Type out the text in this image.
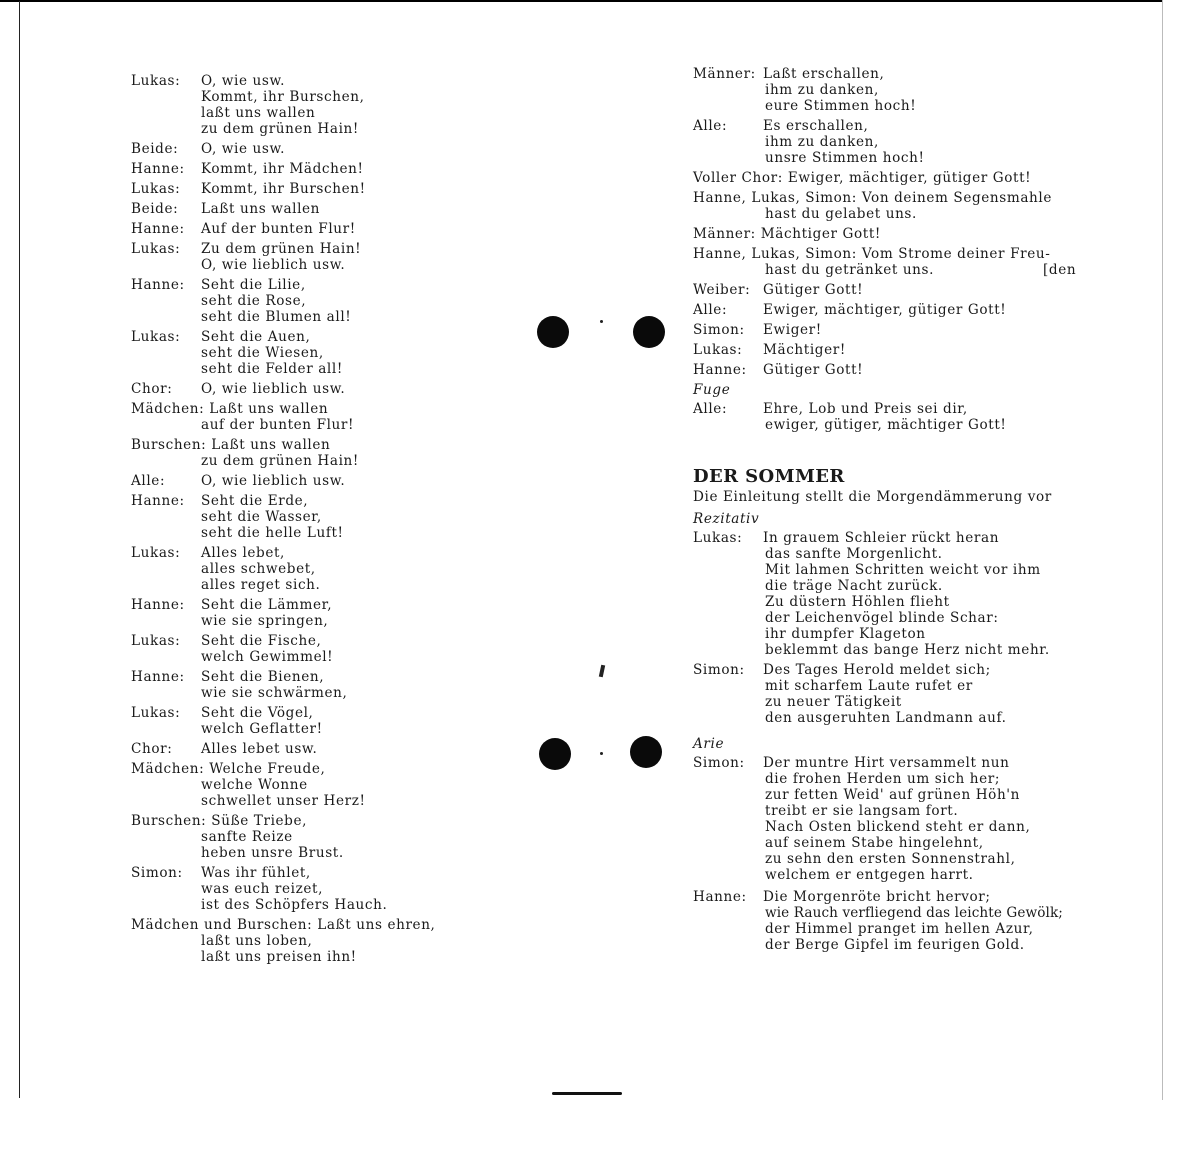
Lukas: O, wie usw.
Kommt, ihr Burschen,
laßt uns wallen
zu dem grünen Hain!
Beide: O, wie usw.
Hanne: Kommt, ihr Mädchen!
Lukas: Kommt, ihr Burschen!
Beide: Laßt uns wallen
Hanne: Auf der bunten Flur!
Lukas: Zu dem grünen Hain!
O, wie lieblich usw.
Hanne: Seht die Lilie,
seht die Rose,
seht die Blumen all!
Lukas: Seht die Auen,
seht die Wiesen,
seht die Felder all!
Chor: O, wie lieblich usw.
Mädchen: Laßt uns wallen
auf der bunten Flur!
Burschen: Laßt uns wallen
zu dem grünen Hain!
Alle:	O, wie lieblich usw.
Hanne: Seht die Erde,
seht die Wasser,
seht die helle Luft!
Lukas: Alles lebet,
alles schwebet,
alles reget sich.
Hanne: Seht die Lämmer,
wie sie springen,
Lukas: Seht die Fische,
welch Gewimmel!
Hanne: Seht die Bienen,
wie sie schwärmen,
Lukas: Seht die Vögel,
welch Geflatter!
Chor: Alles lebet usw.
Mädchen: Welche Freude,
welche Wonne
schwellet unser Herz!
Burschen: Süße Triebe,
sanfte Reize
heben unsre Brust.
Simon: Was ihr fühlet,
was euch reizet,
ist des Schöpfers Hauch.
Mädchen und Burschen: Laßt uns ehren,
laßt uns loben,
laßt uns preisen ihn!
Männer: Laßt erschallen,
ihm zu danken,
eure Stimmen hoch!
Alle:	Es erschallen,
ihm zu danken,
unsre Stimmen hoch!
Voller Chor: Ewiger, mächtiger, gütiger Gott!
Hanne, Lukas, Simon: Von deinem Segensmahle
hast du gelabet uns.
Männer: Mächtiger Gott!
Hanne, Lukas, Simon: Vom Strome deiner Freu-
hast du getränket uns.	[den
Weiber: Gütiger Gott!
Alle:	Ewiger, mächtiger, gütiger Gott!
Simon: Ewiger!
Lukas: Mächtiger!
Hanne: Gütiger Gott!
Fuge
Alle:	Ehre, Lob und Preis sei dir,
ewiger, gütiger, mächtiger Gott!
DER SOMMER
Die Einleitung stellt die Morgendämmerung vor
Rezitativ
Lukas: In grauem Schleier rückt heran
das sanfte Morgenlicht.
Mit lahmen Schritten weicht vor ihm
die träge Nacht zurück.
Zu düstern Höhlen flieht
der Leichenvögel blinde Schar:
ihr dumpfer Klageton
beklemmt das bange Herz nicht mehr.
Simon: Des Tages Herold meldet sich;
mit scharfem Laute rufet er
zu neuer Tätigkeit
den ausgeruhten Landmann auf.
Arie
Simon: Der muntre Hirt versammelt nun
die frohen Herden um sich her;
zur fetten Weid' auf grünen Höh'n
treibt er sie langsam fort.
Nach Osten blickend steht er dann,
auf seinem Stabe hingelehnt,
zu sehn den ersten Sonnenstrahl,
welchem er entgegen harrt.
Hanne: Die Morgenröte bricht hervor;
wie Rauch verfliegend das leichte Gewölk;
der Himmel pranget im hellen Azur,
der Berge Gipfel im feurigen Gold.
